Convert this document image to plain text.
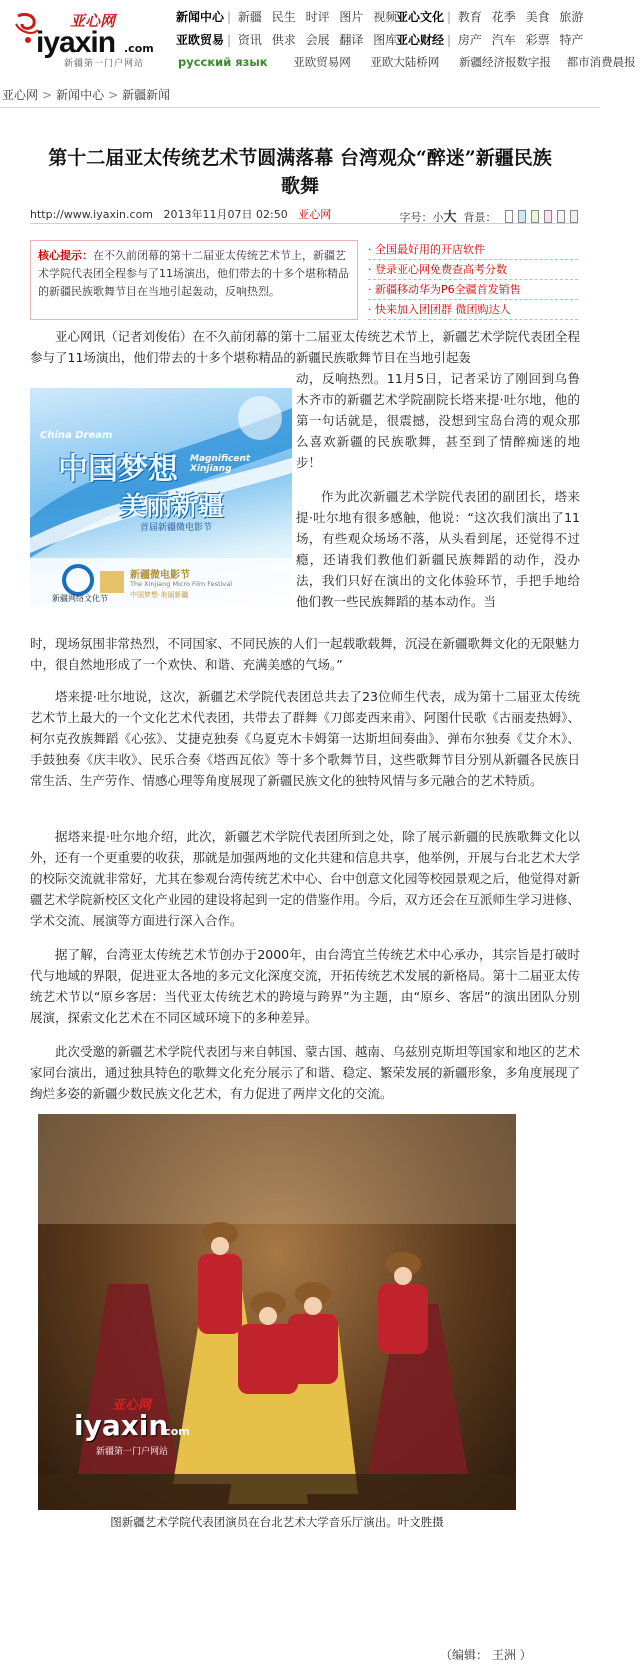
亚心网
iyaxin .com
新疆第一门户网站
新闻中心 | 新疆 民生 时评 图片 视频
亚心文化 | 教育 花季 美食 旅游
亚欧贸易 | 资讯 供求 会展 翻译 图库
亚心财经 | 房产 汽车 彩票 特产
русский язык 亚欧贸易网 亚欧大陆桥网 新疆经济报数字报 都市消费晨报
亚心网 > 新闻中心 > 新疆新闻
第十二届亚太传统艺术节圆满落幕 台湾观众“醉迷”新疆民族
歌舞
http://www.iyaxin.com 2013年11月07日 02:50 亚心网	字号：小大 背景：
核心提示：在不久前闭幕的第十二届亚太传统艺术节上，新疆艺术学院代表团全程参与了11场演出，他们带去的十多个堪称精品的新疆民族歌舞节目在当地引起轰动，反响热烈。
· 全国最好用的开店软件
· 登录亚心网免费查高考分数
· 新疆移动华为P6全疆首发销售
· 快来加入团团群 微团购达人
亚心网讯（记者刘俊佑）在不久前闭幕的第十二届亚太传统艺术节上，新疆艺术学院代表团全程参与了11场演出，他们带去的十多个堪称精品的新疆民族歌舞节目在当地引起轰
China Dream
中国梦想 Magnificent Xinjiang
美丽新疆
首届新疆微电影节
新疆网络文化节
新疆微电影节
The Xinjiang Micro Film Festival
中国梦想·美丽新疆
动，反响热烈。11月5日，记者采访了刚回到乌鲁木齐市的新疆艺术学院副院长塔来提·吐尔地，他的第一句话就是，很震撼，没想到宝岛台湾的观众那么喜欢新疆的民族歌舞，甚至到了情醉痴迷的地步！
作为此次新疆艺术学院代表团的副团长，塔来提·吐尔地有很多感触，他说：“这次我们演出了11场，有些观众场场不落，从头看到尾，还觉得不过瘾，还请我们教他们新疆民族舞蹈的动作，没办法，我们只好在演出的文化体验环节，手把手地给他们教一些民族舞蹈的基本动作。当
时，现场氛围非常热烈，不同国家、不同民族的人们一起载歌载舞，沉浸在新疆歌舞文化的无限魅力中，很自然地形成了一个欢快、和谐、充满美感的气场。”
塔来提·吐尔地说，这次，新疆艺术学院代表团总共去了23位师生代表，成为第十二届亚太传统艺术节上最大的一个文化艺术代表团，共带去了群舞《刀郎麦西来甫》、阿图什民歌《古丽麦热姆》、柯尔克孜族舞蹈《心弦》、艾捷克独奏《乌夏克木卡姆第一达斯坦间奏曲》、弹布尔独奏《艾介木》、手鼓独奏《庆丰收》、民乐合奏《塔西瓦依》等十多个歌舞节目，这些歌舞节目分别从新疆各民族日常生活、生产劳作、情感心理等角度展现了新疆民族文化的独特风情与多元融合的艺术特质。
据塔来提·吐尔地介绍，此次，新疆艺术学院代表团所到之处，除了展示新疆的民族歌舞文化以外，还有一个更重要的收获，那就是加强两地的文化共建和信息共享，他举例，开展与台北艺术大学的校际交流就非常好，尤其在参观台湾传统艺术中心、台中创意文化园等校园景观之后，他觉得对新疆艺术学院新校区文化产业园的建设将起到一定的借鉴作用。今后，双方还会在互派师生学习进修、学术交流、展演等方面进行深入合作。
据了解，台湾亚太传统艺术节创办于2000年，由台湾宜兰传统艺术中心承办，其宗旨是打破时代与地域的界限，促进亚太各地的多元文化深度交流，开拓传统艺术发展的新格局。第十二届亚太传统艺术节以“原乡客居：当代亚太传统艺术的跨境与跨界”为主题，由“原乡、客居”的演出团队分别展演，探索文化艺术在不同区域环境下的多种差异。
此次受邀的新疆艺术学院代表团与来自韩国、蒙古国、越南、乌兹别克斯坦等国家和地区的艺术家同台演出，通过独具特色的歌舞文化充分展示了和谐、稳定、繁荣发展的新疆形象，多角度展现了绚烂多姿的新疆少数民族文化艺术，有力促进了两岸文化的交流。
亚心网
iyaxin
.com
新疆第一门户网站
图新疆艺术学院代表团演员在台北艺术大学音乐厅演出。叶文胜摄
（编辑： 王洲 ）
